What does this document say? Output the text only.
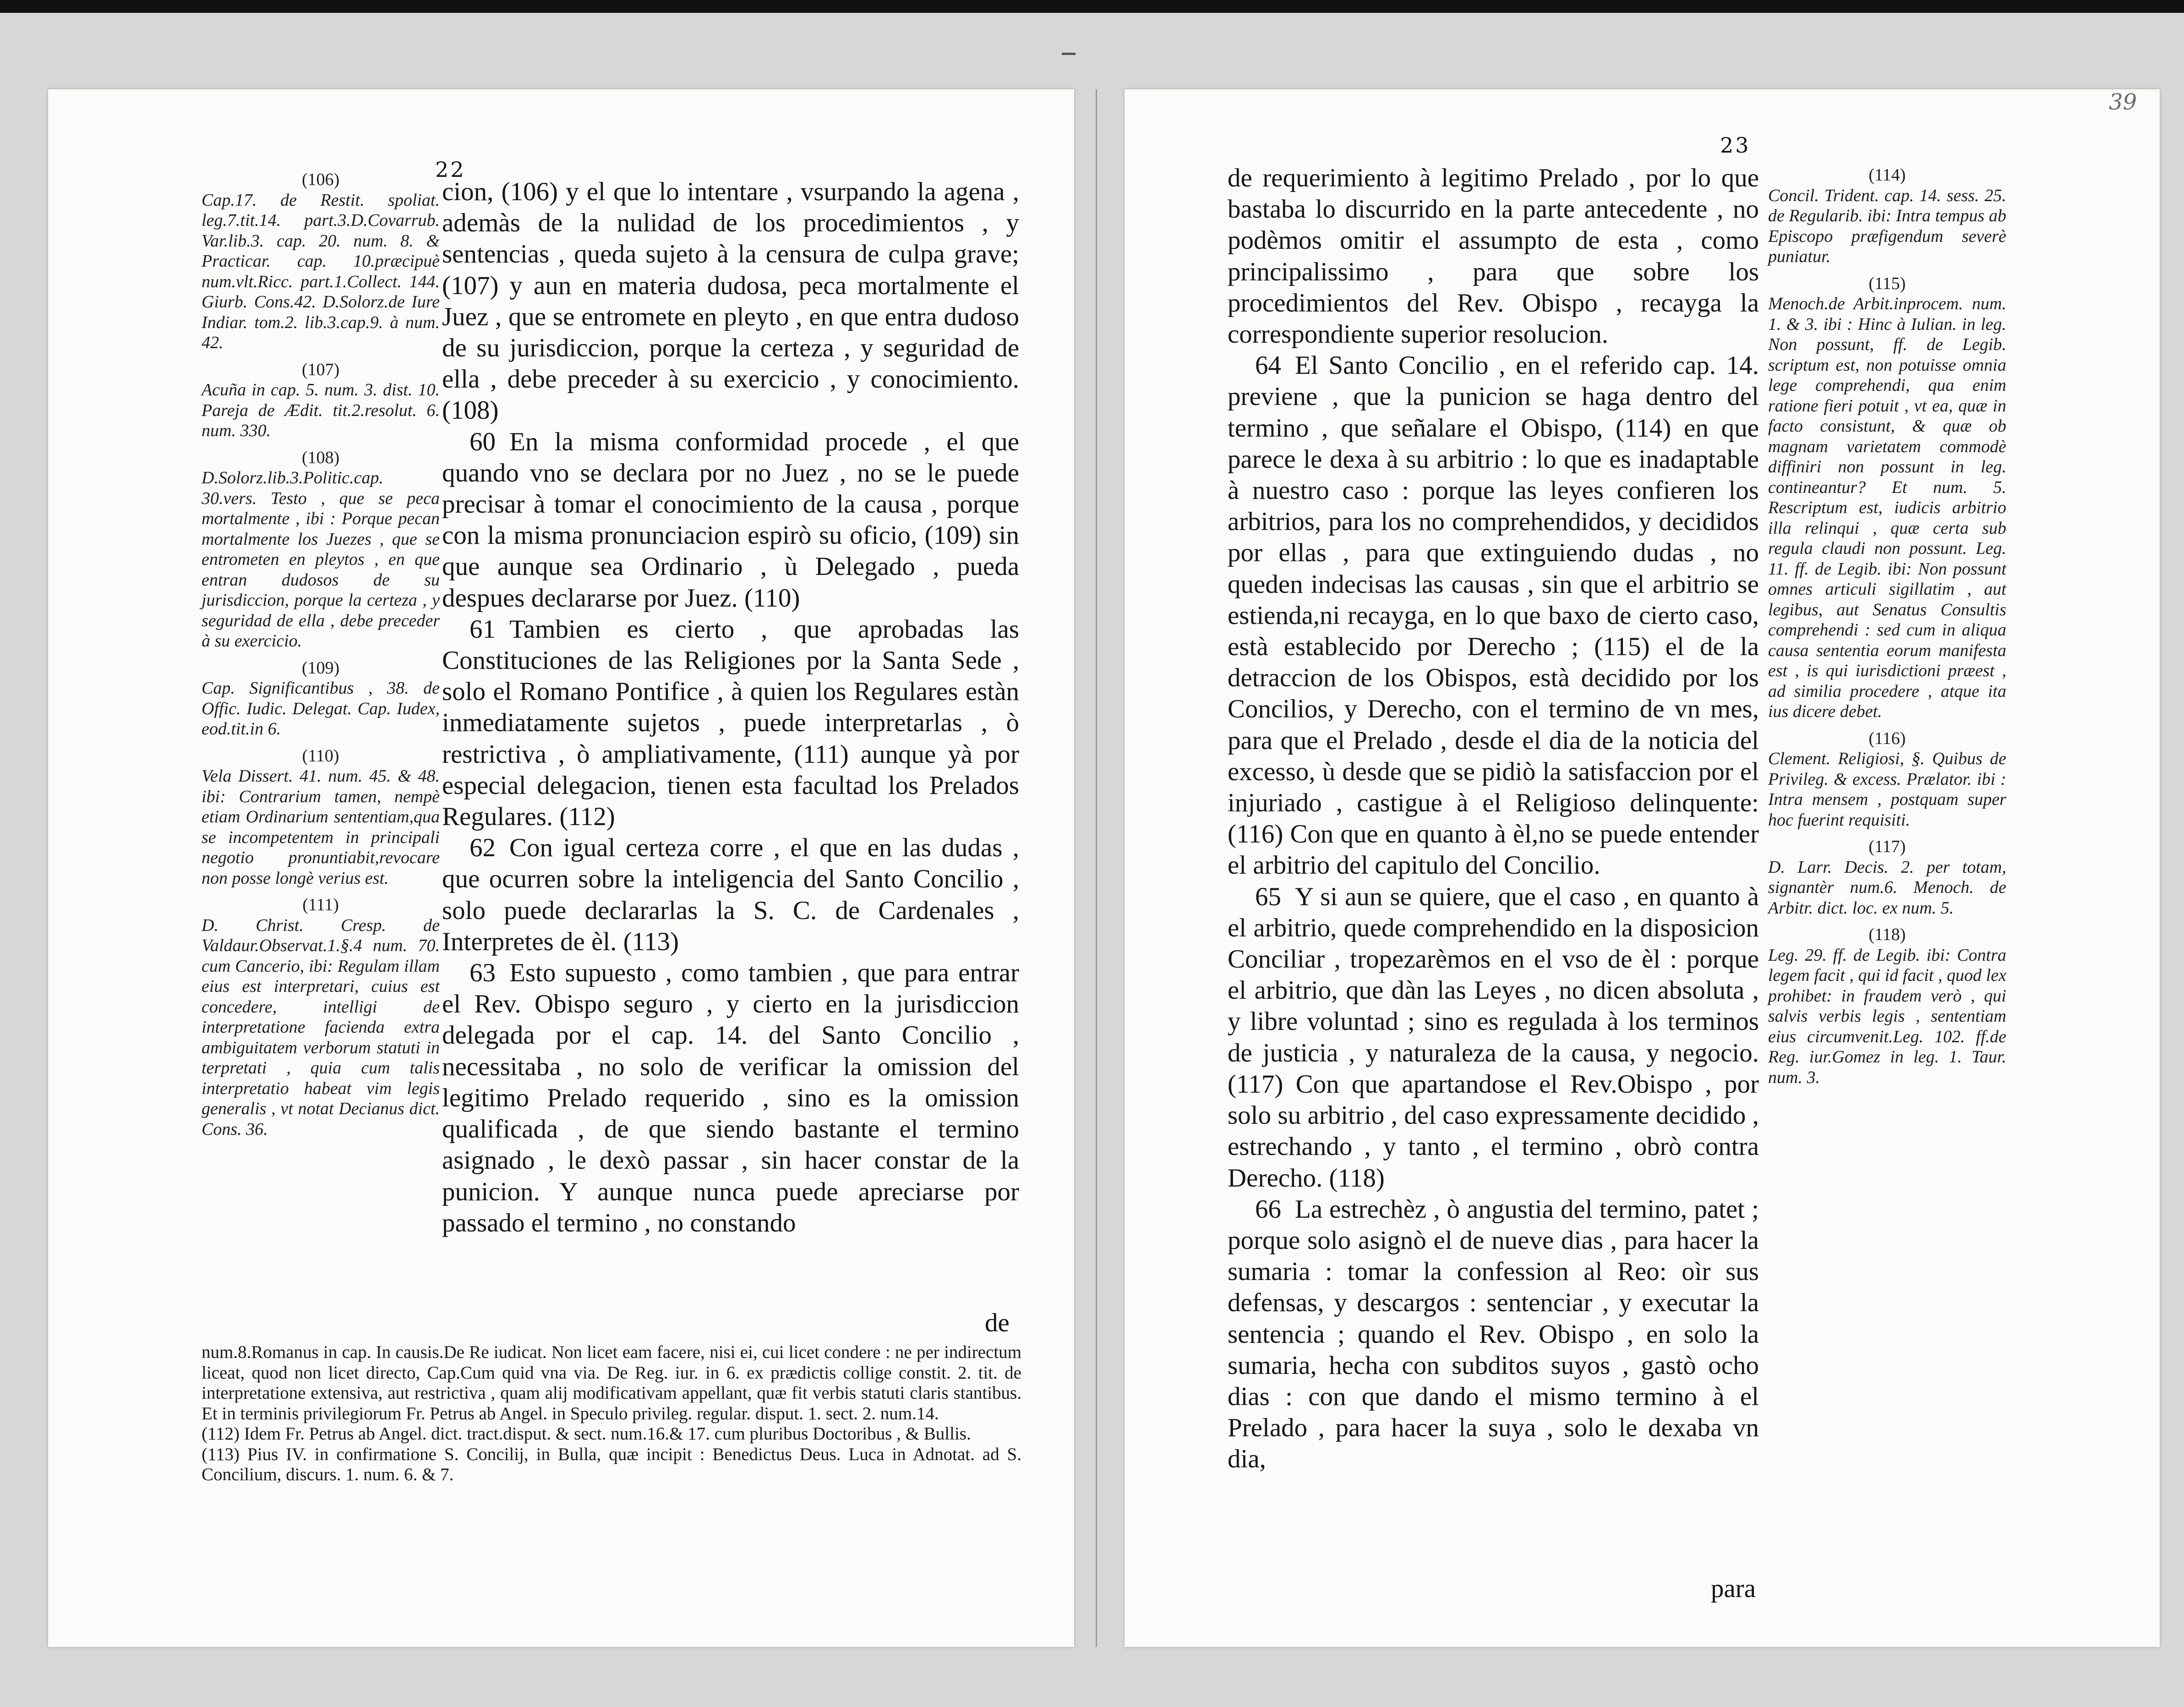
22
(106)
Cap.17. de Restit. spoliat. leg.7.tit.14. part.3.D.Covarrub. Var.lib.3. cap. 20. num. 8. & Practicar. cap. 10.præcipuè num.vlt.Ricc. part.1.Collect. 144. Giurb. Cons.42. D.Solorz.de Iure Indiar. tom.2. lib.3.cap.9. à num. 42.
(107)
Acuña in cap. 5. num. 3. dist. 10. Pareja de Ædit. tit.2.resolut. 6. num. 330.
(108)
D.Solorz.lib.3.Politic.cap. 30.vers. Testo , que se peca mortalmente , ibi : Porque pecan mortalmente los Juezes , que se entrometen en pleytos , en que entran dudosos de su jurisdiccion, porque la certeza , y seguridad de ella , debe preceder à su exercicio.
(109)
Cap. Significantibus , 38. de Offic. Iudic. Delegat. Cap. Iudex, eod.tit.in 6.
(110)
Vela Dissert. 41. num. 45. & 48. ibi: Contrarium tamen, nempè etiam Ordinarium sententiam,qua se incompetentem in principali negotio pronuntiabit,revocare non posse longè verius est.
(111)
D. Christ. Cresp. de Valdaur.Observat.1.§.4 num. 70. cum Cancerio, ibi: Regulam illam eius est interpretari, cuius est concedere, intelligi de interpretatione facienda extra ambiguitatem verborum statuti in terpretati , quia cum talis interpretatio habeat vim legis generalis , vt notat Decianus dict. Cons. 36.

cion, (106) y el que lo intentare , vsurpando la agena , ademàs de la nulidad de los procedimientos , y sentencias , queda sujeto à la censura de culpa grave; (107) y aun en materia dudosa, peca mortalmente el Juez , que se entromete en pleyto , en que entra dudoso de su jurisdiccion, porque la certeza , y seguridad de ella , debe preceder à su exercicio , y conocimiento. (108)

60 En la misma conformidad procede , el que quando vno se declara por no Juez , no se le puede precisar à tomar el conocimiento de la causa , porque con la misma pronunciacion espirò su oficio, (109) sin que aunque sea Ordinario , ù Delegado , pueda despues declararse por Juez. (110)

61 Tambien es cierto , que aprobadas las Constituciones de las Religiones por la Santa Sede , solo el Romano Pontifice , à quien los Regulares estàn inmediatamente sujetos , puede interpretarlas , ò restrictiva , ò ampliativamente, (111) aunque yà por especial delegacion, tienen esta facultad los Prelados Regulares. (112)

62 Con igual certeza corre , el que en las dudas , que ocurren sobre la inteligencia del Santo Concilio , solo puede declararlas la S. C. de Cardenales , Interpretes de èl. (113)

63 Esto supuesto , como tambien , que para entrar el Rev. Obispo seguro , y cierto en la jurisdiccion delegada por el cap. 14. del Santo Concilio , necessitaba , no solo de verificar la omission del legitimo Prelado requerido , sino es la omission qualificada , de que siendo bastante el termino asignado , le dexò passar , sin hacer constar de la punicion. Y aunque nunca puede apreciarse por passado el termino , no constando

de

num.8.Romanus in cap. In causis.De Re iudicat. Non licet eam facere, nisi ei, cui licet condere : ne per indirectum liceat, quod non licet directo, Cap.Cum quid vna via. De Reg. iur. in 6. ex prædictis collige constit. 2. tit. de interpretatione extensiva, aut restrictiva , quam alij modificativam appellant, quæ fit verbis statuti claris stantibus. Et in terminis privilegiorum Fr. Petrus ab Angel. in Speculo privileg. regular. disput. 1. sect. 2. num.14.

(112) Idem Fr. Petrus ab Angel. dict. tract.disput. & sect. num.16.& 17. cum pluribus Doctoribus , & Bullis.

(113) Pius IV. in confirmatione S. Concilij, in Bulla, quæ incipit : Benedictus Deus. Luca in Adnotat. ad S. Concilium, discurs. 1. num. 6. & 7.

39
23

de requerimiento à legitimo Prelado , por lo que bastaba lo discurrido en la parte antecedente , no podèmos omitir el assumpto de esta , como principalissimo , para que sobre los procedimientos del Rev. Obispo , recayga la correspondiente superior resolucion.

64 El Santo Concilio , en el referido cap. 14. previene , que la punicion se haga dentro del termino , que señalare el Obispo, (114) en que parece le dexa à su arbitrio : lo que es inadaptable à nuestro caso : porque las leyes confieren los arbitrios, para los no comprehendidos, y decididos por ellas , para que extinguiendo dudas , no queden indecisas las causas , sin que el arbitrio se estienda,ni recayga, en lo que baxo de cierto caso, està establecido por Derecho ; (115) el de la detraccion de los Obispos, està decidido por los Concilios, y Derecho, con el termino de vn mes, para que el Prelado , desde el dia de la noticia del excesso, ù desde que se pidiò la satisfaccion por el injuriado , castigue à el Religioso delinquente: (116) Con que en quanto à èl,no se puede entender el arbitrio del capitulo del Concilio.

65 Y si aun se quiere, que el caso , en quanto à el arbitrio, quede comprehendido en la disposicion Conciliar , tropezarèmos en el vso de èl : porque el arbitrio, que dàn las Leyes , no dicen absoluta , y libre voluntad ; sino es regulada à los terminos de justicia , y naturaleza de la causa, y negocio. (117) Con que apartandose el Rev.Obispo , por solo su arbitrio , del caso expressamente decidido , estrechando , y tanto , el termino , obrò contra Derecho. (118)

66 La estrechèz , ò angustia del termino, patet ; porque solo asignò el de nueve dias , para hacer la sumaria : tomar la confession al Reo: oìr sus defensas, y descargos : sentenciar , y executar la sentencia ; quando el Rev. Obispo , en solo la sumaria, hecha con subditos suyos , gastò ocho dias : con que dando el mismo termino à el Prelado , para hacer la suya , solo le dexaba vn dia,

para
(114)
Concil. Trident. cap. 14. sess. 25. de Regularib. ibi: Intra tempus ab Episcopo præfigendum severè puniatur.
(115)
Menoch.de Arbit.inprocem. num. 1. & 3. ibi : Hinc à Iulian. in leg. Non possunt, ff. de Legib. scriptum est, non potuisse omnia lege comprehendi, qua enim ratione fieri potuit , vt ea, quæ in facto consistunt, & quæ ob magnam varietatem commodè diffiniri non possunt in leg. contineantur? Et num. 5. Rescriptum est, iudicis arbitrio illa relinqui , quæ certa sub regula claudi non possunt. Leg. 11. ff. de Legib. ibi: Non possunt omnes articuli sigillatim , aut legibus, aut Senatus Consultis comprehendi : sed cum in aliqua causa sententia eorum manifesta est , is qui iurisdictioni præest , ad similia procedere , atque ita ius dicere debet.
(116)
Clement. Religiosi, §. Quibus de Privileg. & excess. Prælator. ibi : Intra mensem , postquam super hoc fuerint requisiti.
(117)
D. Larr. Decis. 2. per totam, signantèr num.6. Menoch. de Arbitr. dict. loc. ex num. 5.
(118)
Leg. 29. ff. de Legib. ibi: Contra legem facit , qui id facit , quod lex prohibet: in fraudem verò , qui salvis verbis legis , sententiam eius circumvenit.Leg. 102. ff.de Reg. iur.Gomez in leg. 1. Taur. num. 3.
